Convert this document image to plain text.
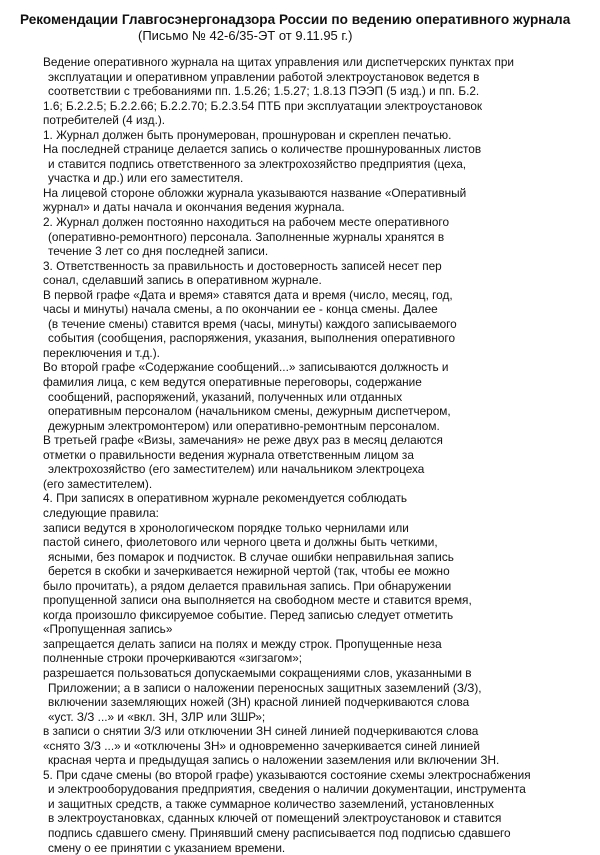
Рекомендации Главгосэнергонадзора России по ведению оперативного журнала
(Письмо № 42-6/35-ЭТ от 9.11.95 г.)
Ведение оперативного журнала на щитах управления или диспетчерских пунктах при
эксплуатации и оперативном управлении работой электроустановок ведется в
соответствии с требованиями пп. 1.5.26; 1.5.27; 1.8.13 ПЭЭП (5 изд.) и пп. Б.2.
1.6; Б.2.2.5; Б.2.2.66; Б.2.2.70; Б.2.3.54 ПТБ при эксплуатации электроустановок
потребителей (4 изд.).
1. Журнал должен быть пронумерован, прошнурован и скреплен печатью.
На последней странице делается запись о количестве прошнурованных листов
и ставится подпись ответственного за электрохозяйство предприятия (цеха,
участка и др.) или его заместителя.
На лицевой стороне обложки журнала указываются название «Оперативный
журнал» и даты начала и окончания ведения журнала.
2. Журнал должен постоянно находиться на рабочем месте оперативного
(оперативно-ремонтного) персонала. Заполненные журналы хранятся в
течение 3 лет со дня последней записи.
3. Ответственность за правильность и достоверность записей несет пер
сонал, сделавший запись в оперативном журнале.
В первой графе «Дата и время» ставятся дата и время (число, месяц, год,
часы и минуты) начала смены, а по окончании ее - конца смены. Далее
(в течение смены) ставится время (часы, минуты) каждого записываемого
события (сообщения, распоряжения, указания, выполнения оперативного
переключения и т.д.).
Во второй графе «Содержание сообщений...» записываются должность и
фамилия лица, с кем ведутся оперативные переговоры, содержание
сообщений, распоряжений, указаний, полученных или отданных
оперативным персоналом (начальником смены, дежурным диспетчером,
дежурным электромонтером) или оперативно-ремонтным персоналом.
В третьей графе «Визы, замечания» не реже двух раз в месяц делаются
отметки о правильности ведения журнала ответственным лицом за
электрохозяйство (его заместителем) или начальником электроцеха
(его заместителем).
4. При записях в оперативном журнале рекомендуется соблюдать
следующие правила:
записи ведутся в хронологическом порядке только чернилами или
пастой синего, фиолетового или черного цвета и должны быть четкими,
ясными, без помарок и подчисток. В случае ошибки неправильная запись
берется в скобки и зачеркивается нежирной чертой (так, чтобы ее можно
было прочитать), а рядом делается правильная запись. При обнаружении
пропущенной записи она выполняется на свободном месте и ставится время,
когда произошло фиксируемое событие. Перед записью следует отметить
«Пропущенная запись»
запрещается делать записи на полях и между строк. Пропущенные неза
полненные строки прочеркиваются «зигзагом»;
разрешается пользоваться допускаемыми сокращениями слов, указанными в
Приложении; а в записи о наложении переносных защитных заземлений (З/З),
включении заземляющих ножей (ЗН) красной линией подчеркиваются слова
«уст. З/З ...» и «вкл. ЗН, ЗЛР или ЗШР»;
в записи о снятии З/З или отключении ЗН синей линией подчеркиваются слова
«снято З/З ...» и «отключены ЗН» и одновременно зачеркивается синей линией
красная черта и предыдущая запись о наложении заземления или включении ЗН.
5. При сдаче смены (во второй графе) указываются состояние схемы электроснабжения
и электрооборудования предприятия, сведения о наличии документации, инструмента
и защитных средств, а также суммарное количество заземлений, установленных
в электроустановках, сданных ключей от помещений электроустановок и ставится
подпись сдавшего смену. Принявший смену расписывается под подписью сдавшего
смену о ее принятии с указанием времени.
